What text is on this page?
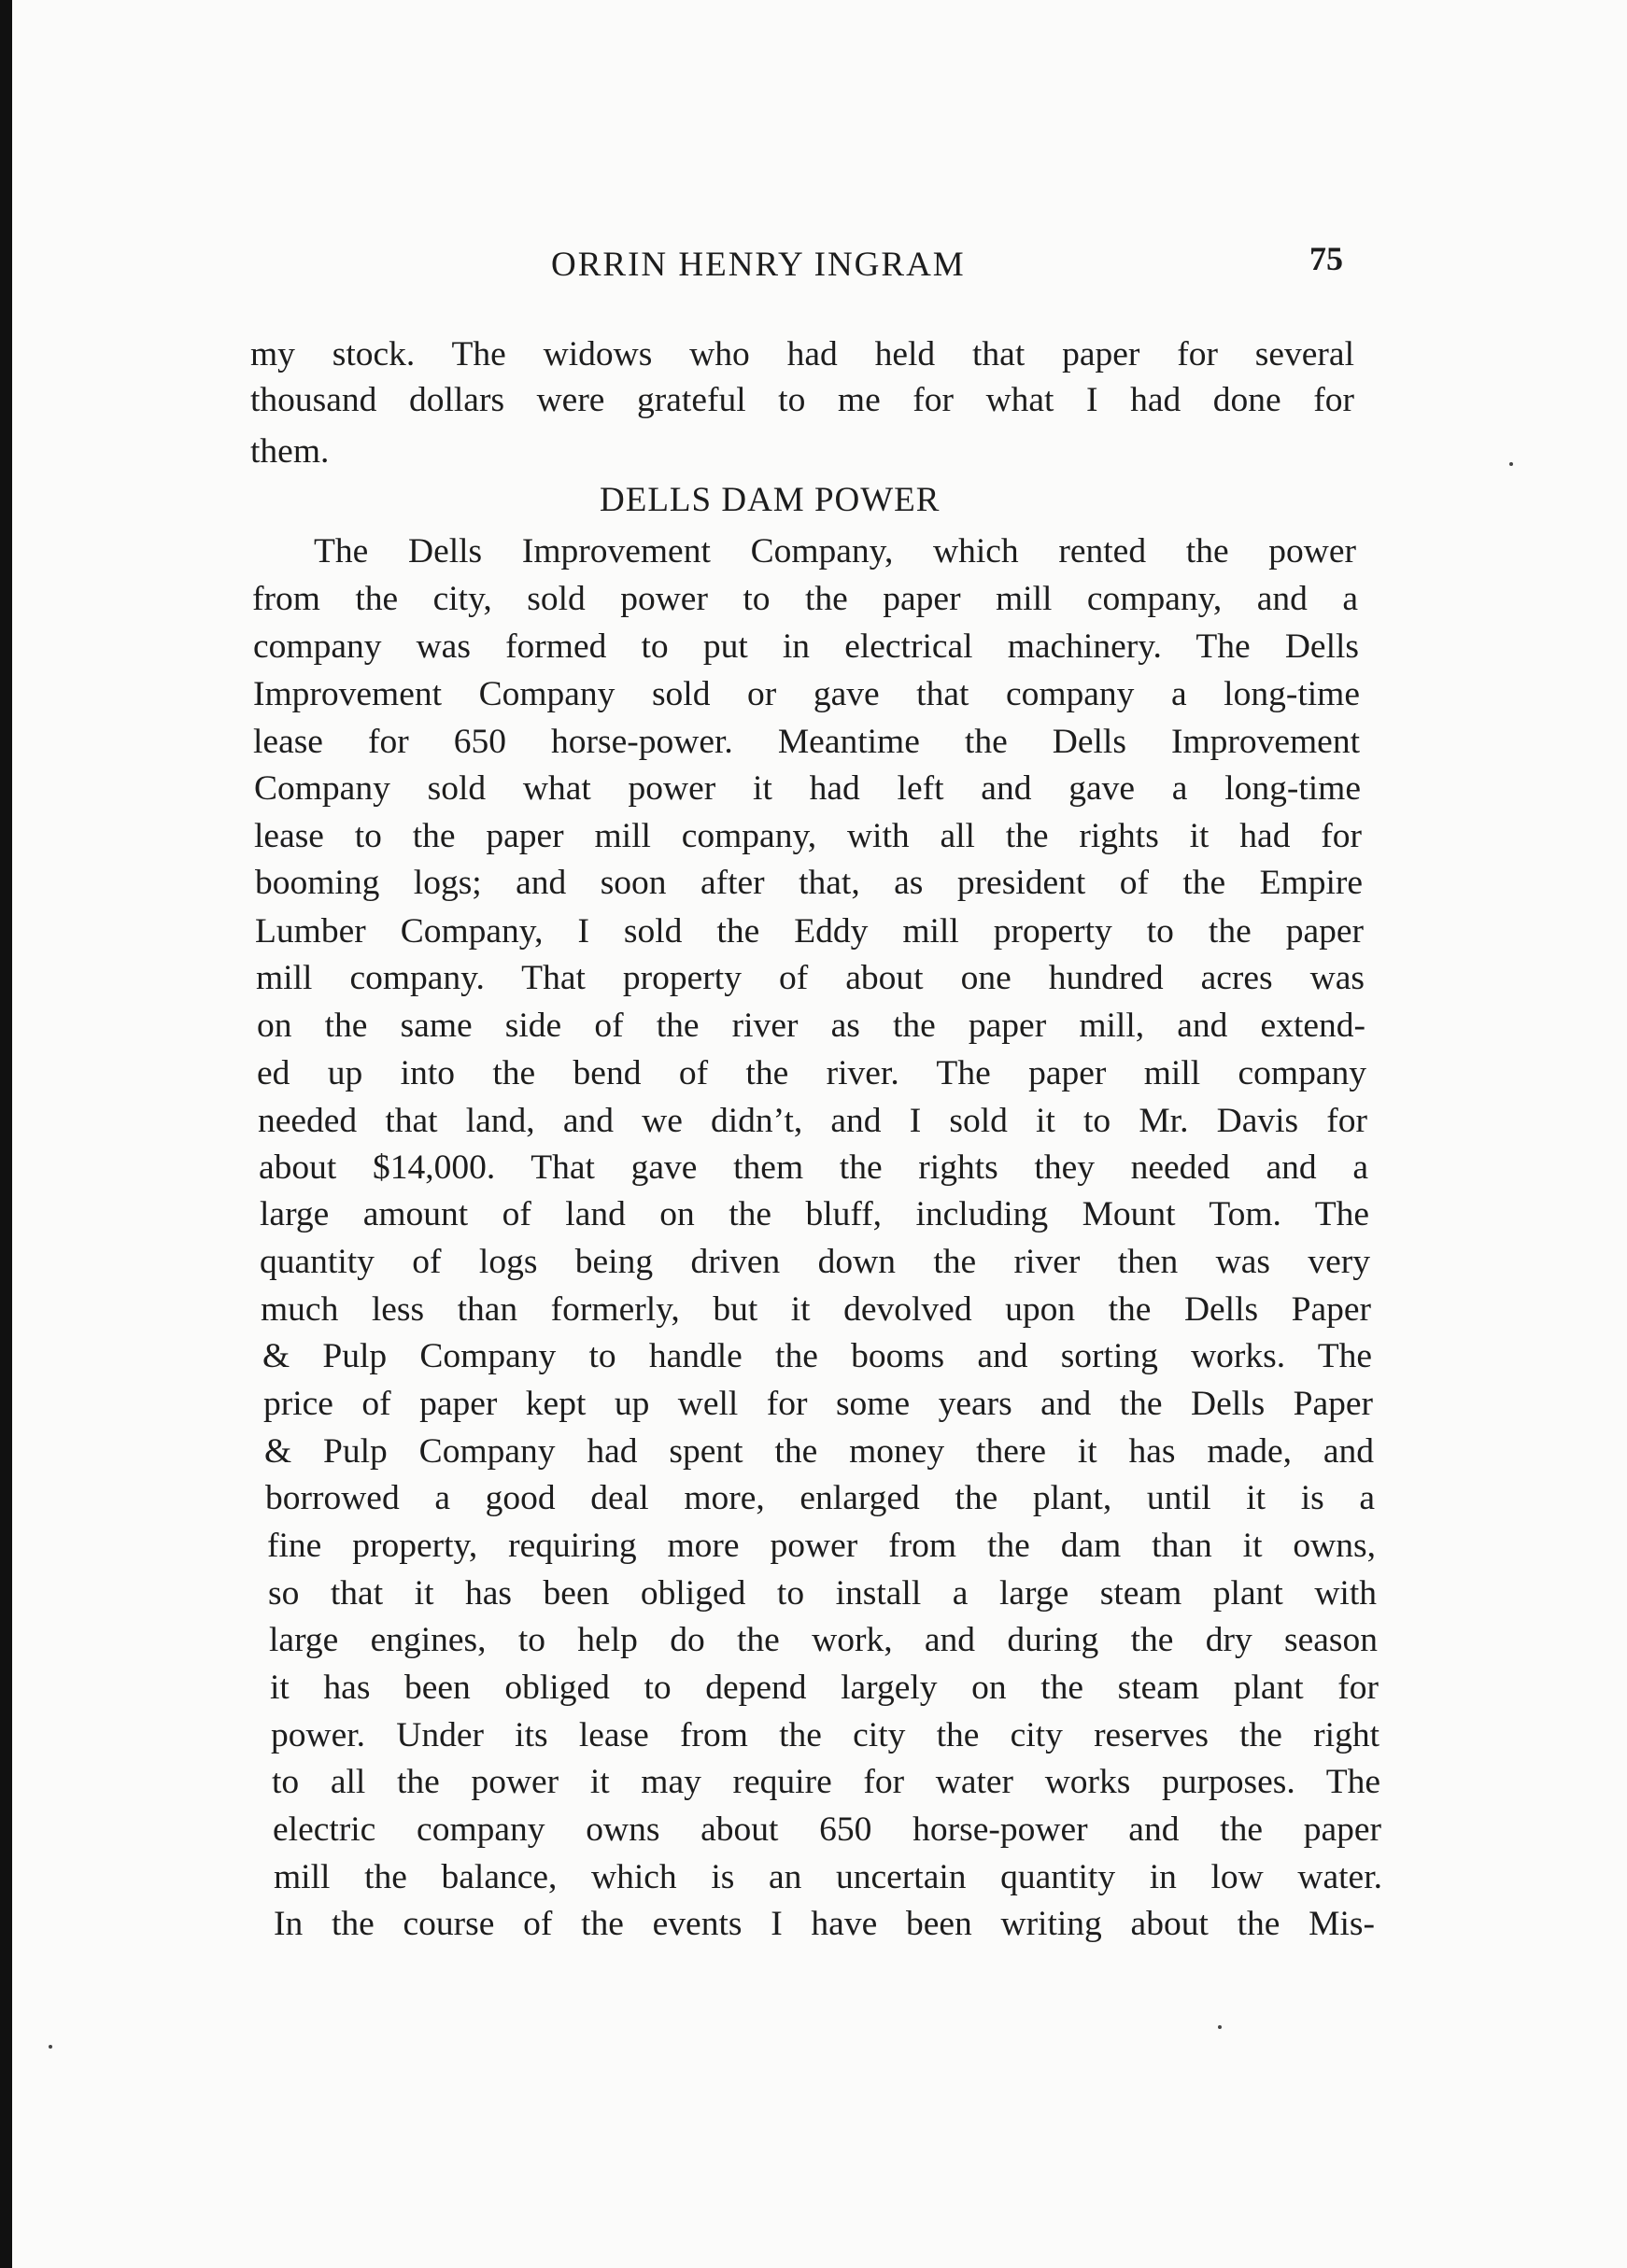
ORRIN HENRY INGRAM	75
my stock. The widows who had held that paper for several
thousand dollars were grateful to me for what I had done for
them.
The Dells Improvement Company, which rented the power
from the city, sold power to the paper mill company, and a
company was formed to put in electrical machinery. The Dells
Improvement Company sold or gave that company a long-time
lease for 650 horse-power. Meantime the Dells Improvement
Company sold what power it had left and gave a long-time
lease to the paper mill company, with all the rights it had for
booming logs; and soon after that, as president of the Empire
Lumber Company, I sold the Eddy mill property to the paper
mill company. That property of about one hundred acres was
on the same side of the river as the paper mill, and extend-
ed up into the bend of the river. The paper mill company
needed that land, and we didn’t, and I sold it to Mr. Davis for
about $14,000. That gave them the rights they needed and a
large amount of land on the bluff, including Mount Tom. The
quantity of logs being driven down the river then was very
much less than formerly, but it devolved upon the Dells Paper
& Pulp Company to handle the booms and sorting works. The
price of paper kept up well for some years and the Dells Paper
& Pulp Company had spent the money there it has made, and
borrowed a good deal more, enlarged the plant, until it is a
fine property, requiring more power from the dam than it owns,
so that it has been obliged to install a large steam plant with
large engines, to help do the work, and during the dry season
it has been obliged to depend largely on the steam plant for
power. Under its lease from the city the city reserves the right
to all the power it may require for water works purposes. The
electric company owns about 650 horse-power and the paper
mill the balance, which is an uncertain quantity in low water.
In the course of the events I have been writing about the Mis-
DELLS DAM POWER
